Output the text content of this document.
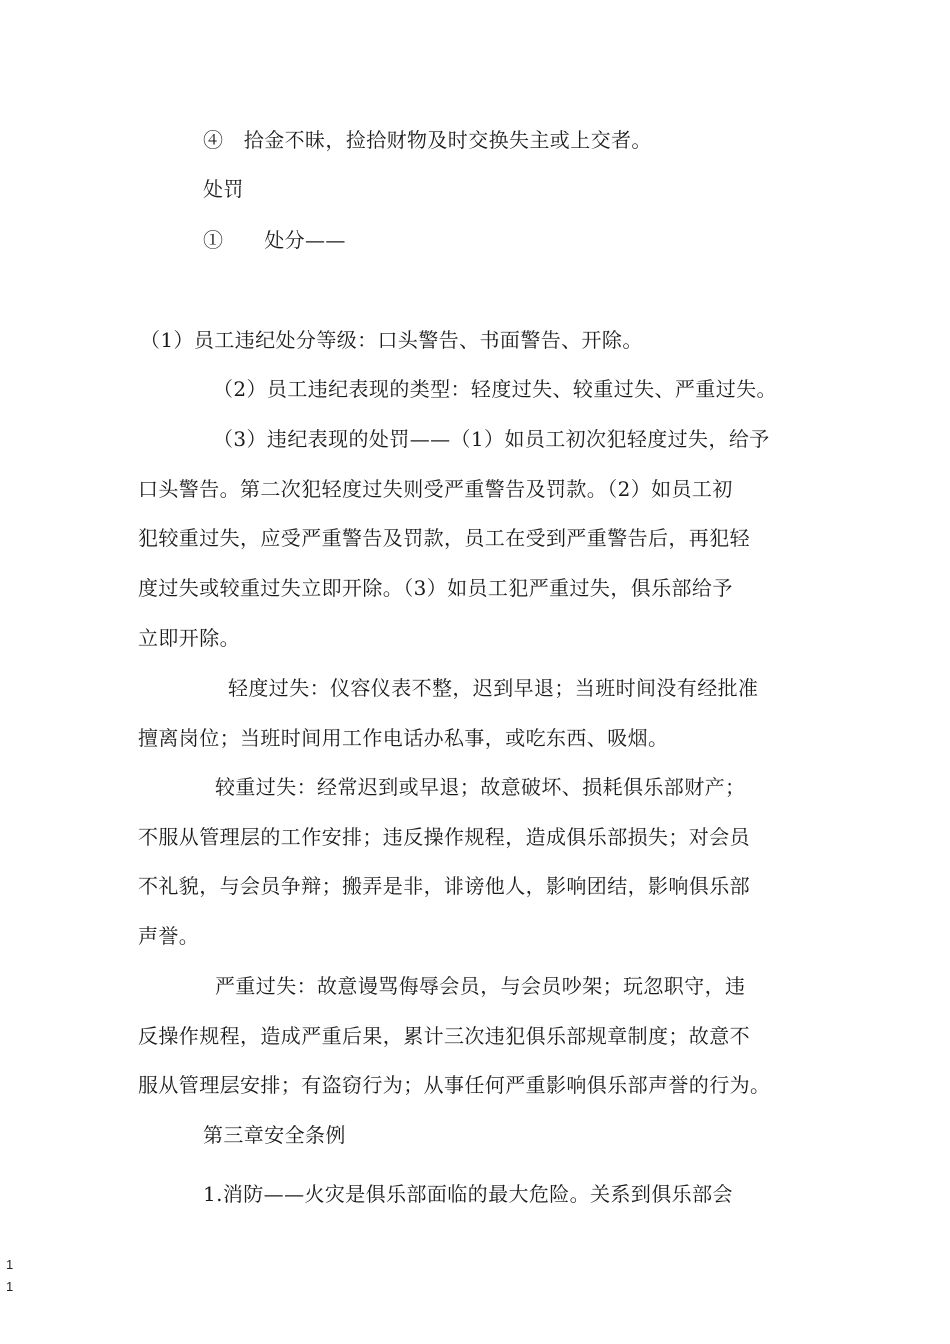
④　拾金不昧，捡拾财物及时交换失主或上交者。
处罚
①　　处分——
（1）员工违纪处分等级：口头警告、书面警告、开除。
（2）员工违纪表现的类型：轻度过失、较重过失、严重过失。
（3）违纪表现的处罚——（1）如员工初次犯轻度过失，给予
口头警告。第二次犯轻度过失则受严重警告及罚款。（2）如员工初
犯较重过失，应受严重警告及罚款，员工在受到严重警告后，再犯轻
度过失或较重过失立即开除。（3）如员工犯严重过失，俱乐部给予
立即开除。
轻度过失：仪容仪表不整，迟到早退；当班时间没有经批准
擅离岗位；当班时间用工作电话办私事，或吃东西、吸烟。
较重过失：经常迟到或早退；故意破坏、损耗俱乐部财产；
不服从管理层的工作安排；违反操作规程，造成俱乐部损失；对会员
不礼貌，与会员争辩；搬弄是非，诽谤他人，影响团结，影响俱乐部
声誉。
严重过失：故意谩骂侮辱会员，与会员吵架；玩忽职守，违
反操作规程，造成严重后果，累计三次违犯俱乐部规章制度；故意不
服从管理层安排；有盗窃行为；从事任何严重影响俱乐部声誉的行为。
第三章安全条例
1.消防——火灾是俱乐部面临的最大危险。关系到俱乐部会
1
1
